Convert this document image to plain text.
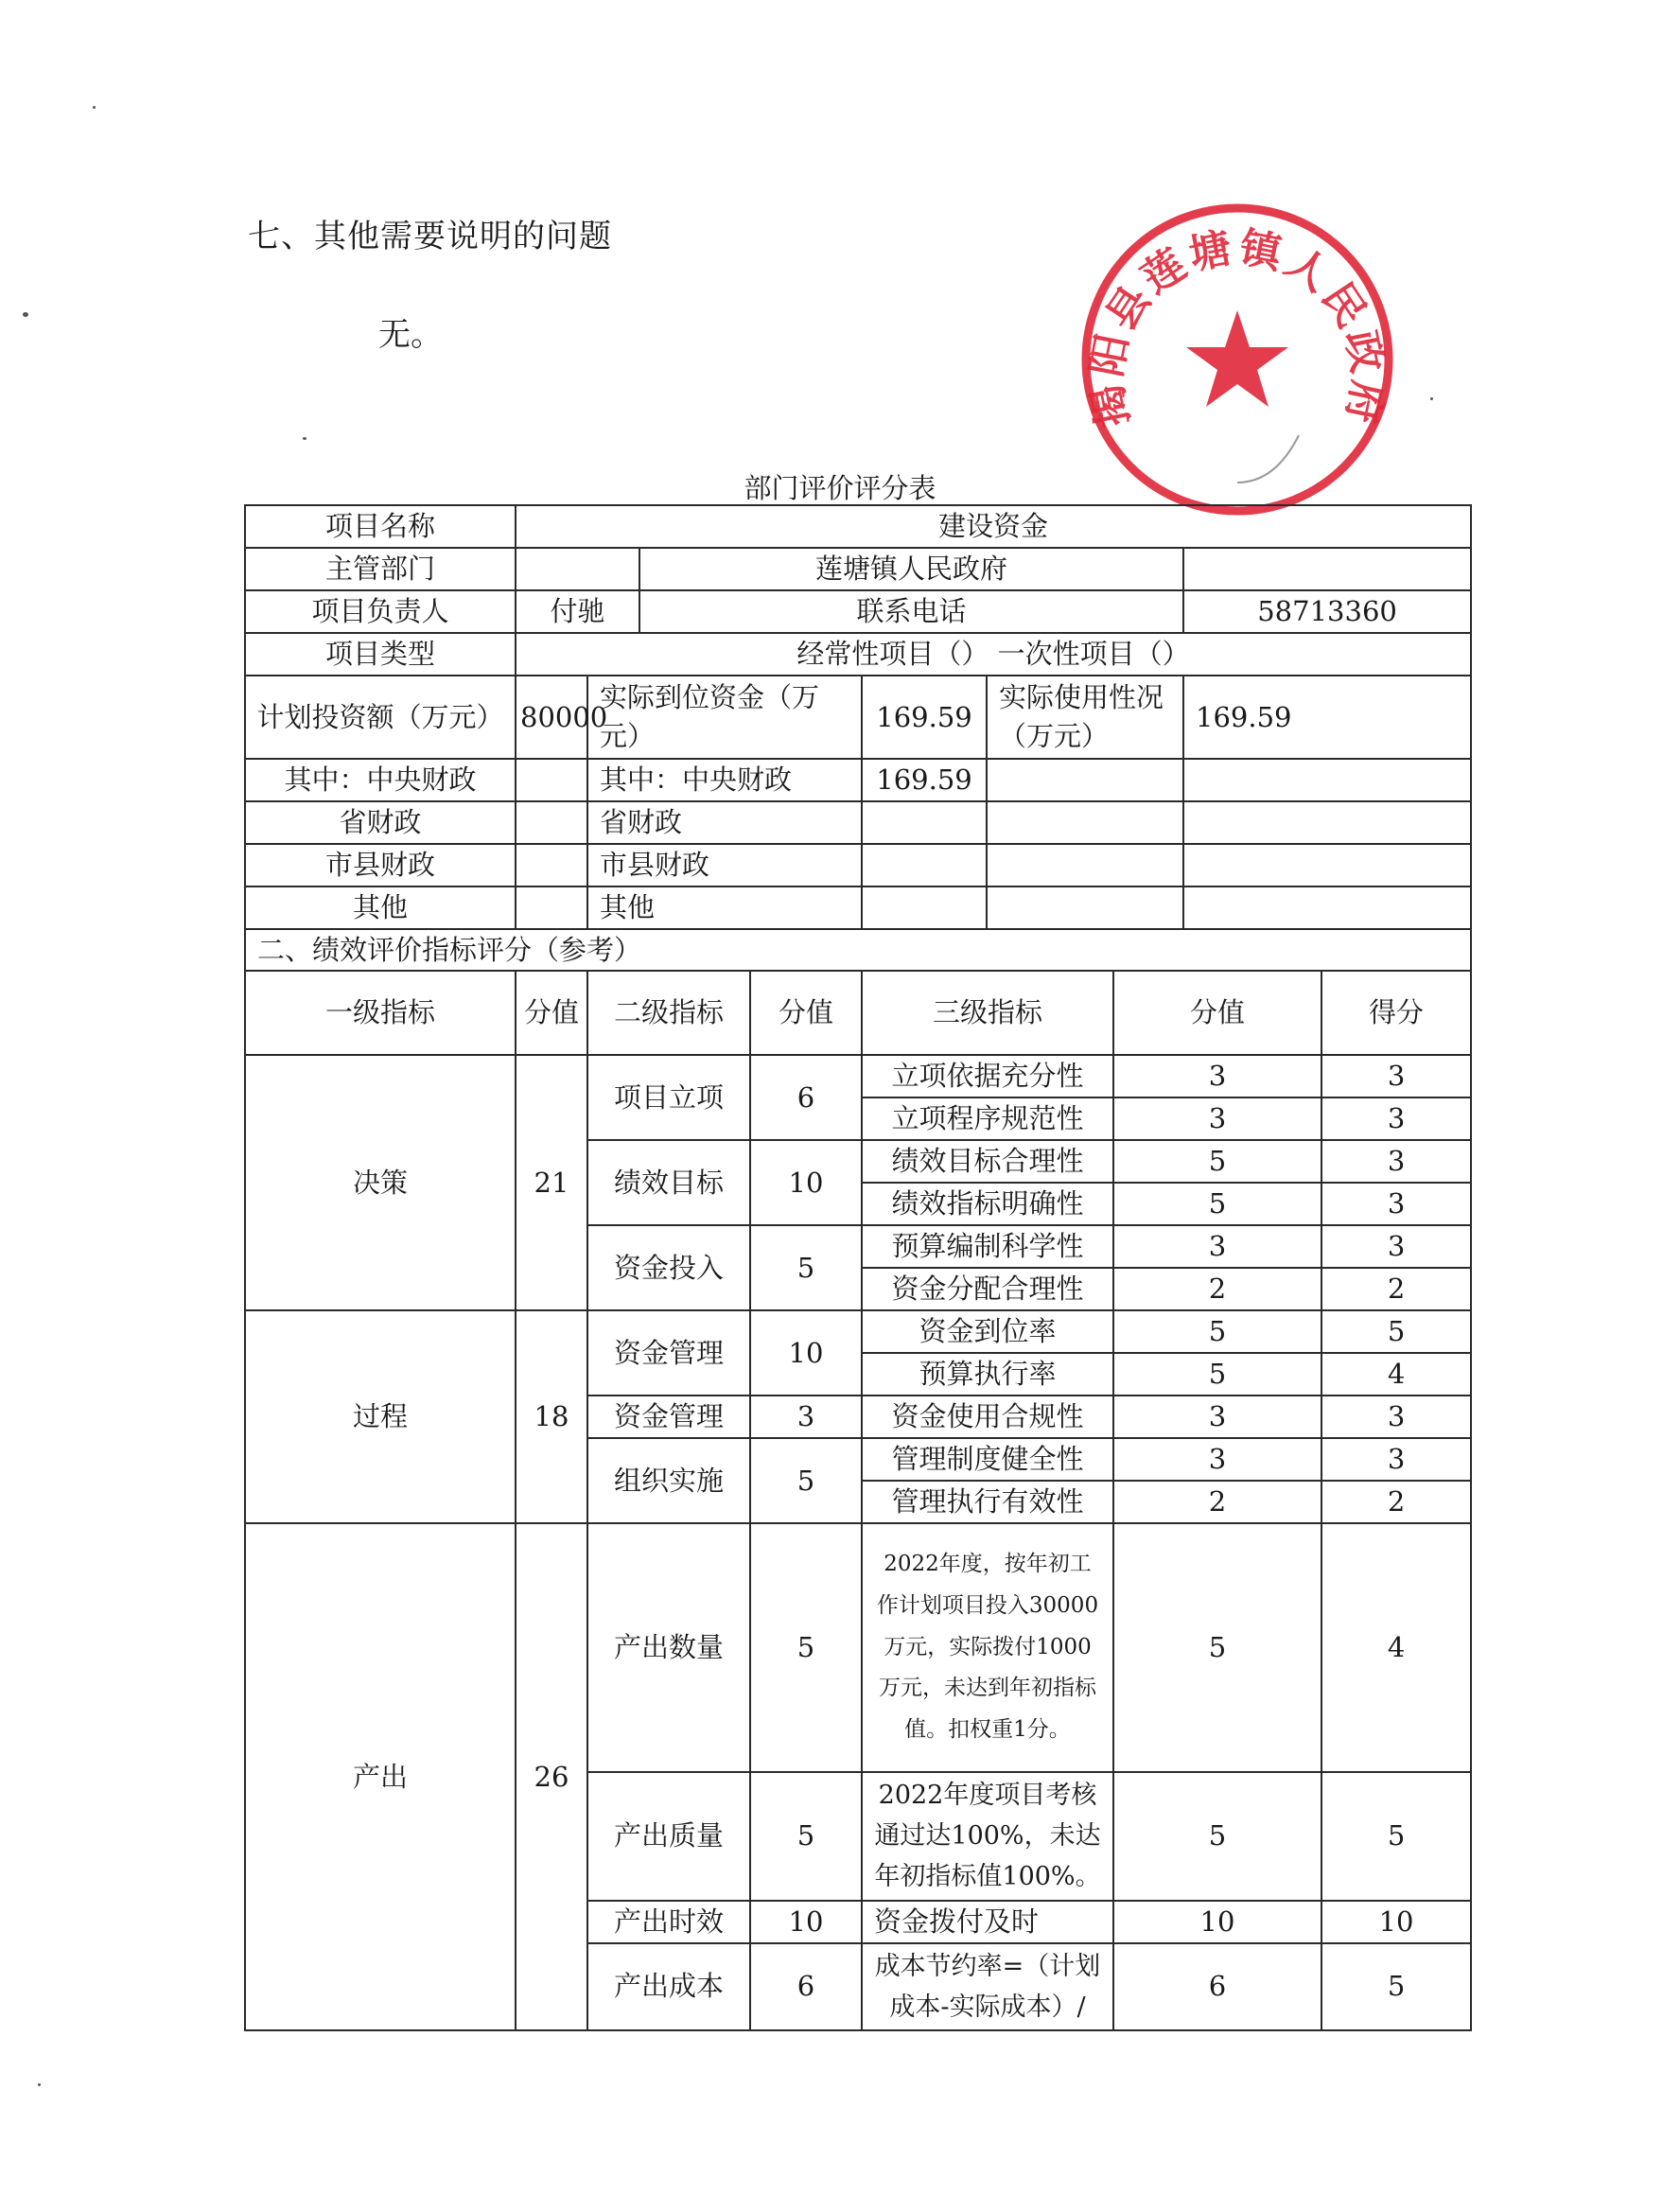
七、其他需要说明的问题
无。
揭阳县莲塘镇人民政府
部门评价评分表
项目名称	建设资金								
主管部门			莲塘镇人民政府						
项目负责人	付驰		联系电话					58713360	
项目类型	经常性项目（） 一次性项目（）								
计划投资额（万元）	80000	实际到位资金（万元）			169.59	实际使用性况（万元）		169.59	
其中：中央财政		其中：中央财政			169.59				
省财政		省财政							
市县财政		市县财政							
其他		其他							
二、绩效评价指标评分（参考）									
一级指标	分值	二级指标		分值	三级指标		分值		得分
决策	21	项目立项		6	立项依据充分性		3		3
					立项程序规范性		3		3
		绩效目标		10	绩效目标合理性		5		3
					绩效指标明确性		5		3
		资金投入		5	预算编制科学性		3		3
					资金分配合理性		2		2
过程	18	资金管理		10	资金到位率		5		5
					预算执行率		5		4
		资金管理		3	资金使用合规性		3		3
		组织实施		5	管理制度健全性		3		3
					管理执行有效性		2		2
产出	26	产出数量		5	2022年度，按年初工作计划项目投入30000万元，实际拨付1000万元，未达到年初指标值。扣权重1分。		5		4
		产出质量		5	2022年度项目考核通过达100%，未达年初指标值100%。		5		5
		产出时效		10	资金拨付及时		10		10
		产出成本		6	成本节约率=（计划成本-实际成本）/		6		5
